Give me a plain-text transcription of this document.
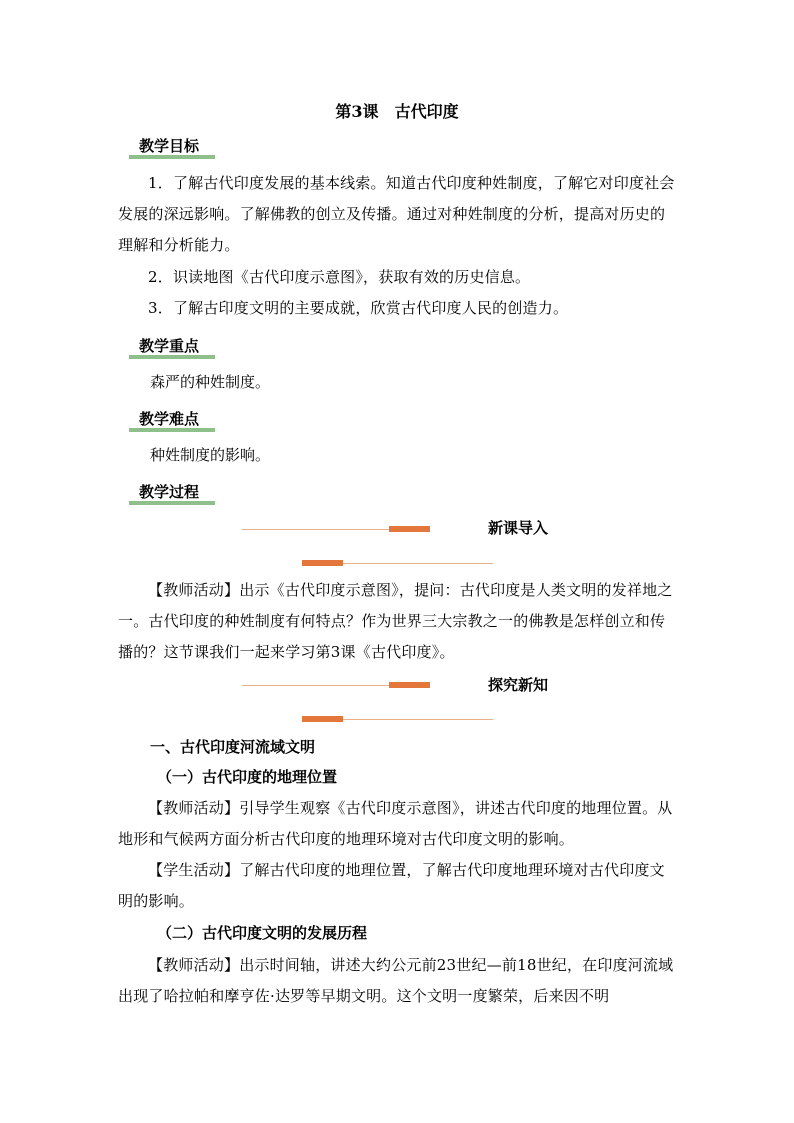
第3课 古代印度
教学目标
1．了解古代印度发展的基本线索。知道古代印度种姓制度，了解它对印度社会发展的深远影响。了解佛教的创立及传播。通过对种姓制度的分析，提高对历史的理解和分析能力。
2．识读地图《古代印度示意图》，获取有效的历史信息。
3．了解古印度文明的主要成就，欣赏古代印度人民的创造力。
教学重点
森严的种姓制度。
教学难点
种姓制度的影响。
教学过程
新课导入
【教师活动】出示《古代印度示意图》，提问：古代印度是人类文明的发祥地之一。古代印度的种姓制度有何特点？作为世界三大宗教之一的佛教是怎样创立和传播的？这节课我们一起来学习第3课《古代印度》。
探究新知
一、古代印度河流域文明
（一）古代印度的地理位置
【教师活动】引导学生观察《古代印度示意图》，讲述古代印度的地理位置。从地形和气候两方面分析古代印度的地理环境对古代印度文明的影响。
【学生活动】了解古代印度的地理位置，了解古代印度地理环境对古代印度文明的影响。
（二）古代印度文明的发展历程
【教师活动】出示时间轴，讲述大约公元前23世纪—前18世纪，在印度河流域出现了哈拉帕和摩亨佐·达罗等早期文明。这个文明一度繁荣，后来因不明
